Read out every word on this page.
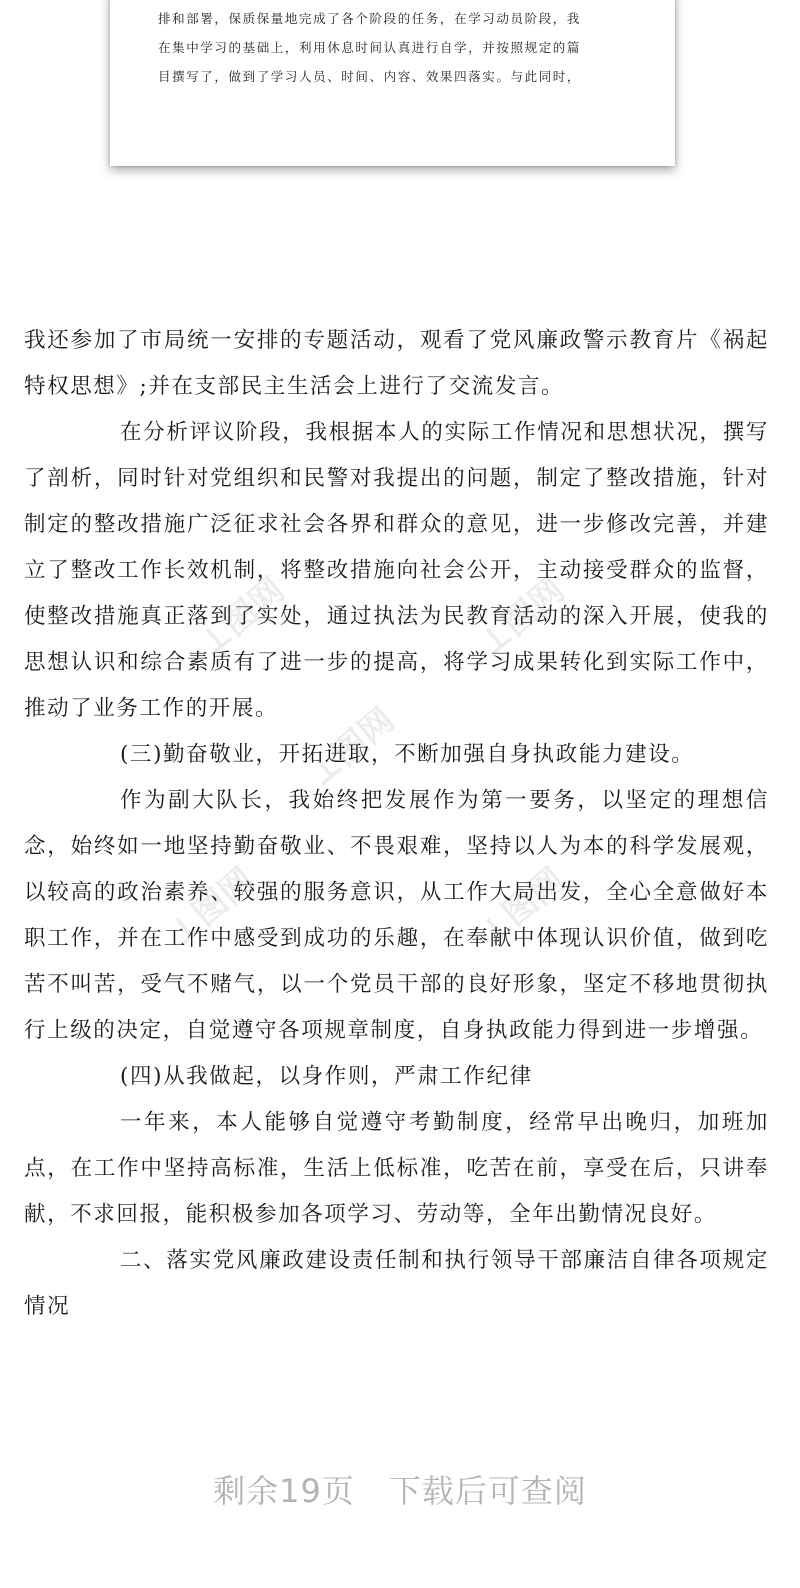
排和部署，保质保量地完成了各个阶段的任务，在学习动员阶段，我
在集中学习的基础上，利用休息时间认真进行自学，并按照规定的篇
目撰写了，做到了学习人员、时间、内容、效果四落实。与此同时，

⊥图网	⊥图网
⊥图网
⊥图网	⊥图网

我还参加了市局统一安排的专题活动，观看了党风廉政警示教育片《祸起特权思想》;并在支部民主生活会上进行了交流发言。

在分析评议阶段，我根据本人的实际工作情况和思想状况，撰写了剖析，同时针对党组织和民警对我提出的问题，制定了整改措施，针对制定的整改措施广泛征求社会各界和群众的意见，进一步修改完善，并建立了整改工作长效机制，将整改措施向社会公开，主动接受群众的监督，使整改措施真正落到了实处，通过执法为民教育活动的深入开展，使我的思想认识和综合素质有了进一步的提高，将学习成果转化到实际工作中，推动了业务工作的开展。

(三)勤奋敬业，开拓进取，不断加强自身执政能力建设。

作为副大队长，我始终把发展作为第一要务，以坚定的理想信念，始终如一地坚持勤奋敬业、不畏艰难，坚持以人为本的科学发展观，以较高的政治素养、较强的服务意识，从工作大局出发，全心全意做好本职工作，并在工作中感受到成功的乐趣，在奉献中体现认识价值，做到吃苦不叫苦，受气不赌气，以一个党员干部的良好形象，坚定不移地贯彻执行上级的决定，自觉遵守各项规章制度，自身执政能力得到进一步增强。

(四)从我做起，以身作则，严肃工作纪律

一年来，本人能够自觉遵守考勤制度，经常早出晚归，加班加点，在工作中坚持高标准，生活上低标准，吃苦在前，享受在后，只讲奉献，不求回报，能积极参加各项学习、劳动等，全年出勤情况良好。

二、落实党风廉政建设责任制和执行领导干部廉洁自律各项规定情况

剩余19页 下载后可查阅
